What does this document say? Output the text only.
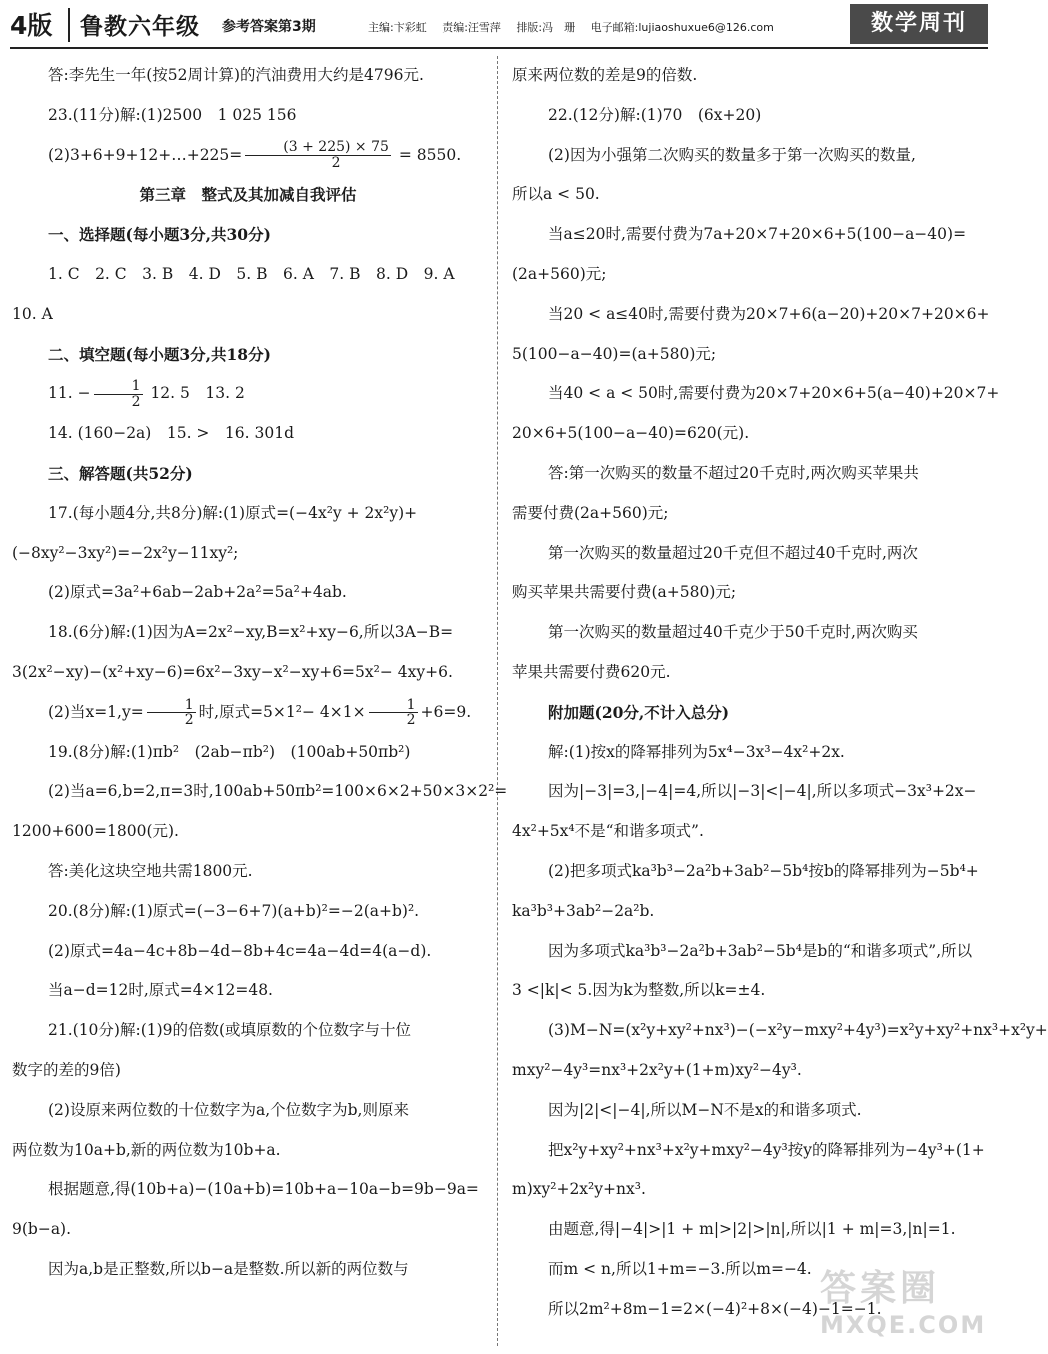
4版 鲁教六年级 参考答案第3期	主编:卞彩虹 责编:汪雪萍 排版:冯　珊 电子邮箱:lujiaoshuxue6@126.com	数学周刊
答:李先生一年(按52周计算)的汽油费用大约是4796元.
23.(11分)解:(1)2500　1 025 156
(2)3+6+9+12+…+225= $\frac{(3 + 225) \times 75}{2} = 8550$.
第三章　整式及其加减自我评估
一、选择题(每小题3分,共30分)
1. C　2. C　3. B　4. D　5. B　6. A　7. B　8. D　9. A
10. A
二、填空题(每小题3分,共18分)
11. − $\frac{1}{2} 12$. 5　13. 2
14. (160−2a)　15. >　16. 301d
三、解答题(共52分)
17.(每小题4分,共8分)解:(1)原式=(−4x²y + 2x²y)+
(−8xy²−3xy²)=−2x²y−11xy²;
(2)原式=3a²+6ab−2ab+2a²=5a²+4ab.
18.(6分)解:(1)因为A=2x²−xy,B=x²+xy−6,所以3A−B=
3(2x²−xy)−(x²+xy−6)=6x²−3xy−x²−xy+6=5x²− 4xy+6.
(2)当$x=1,y= \frac{1}{2}$ 时,原式$=5\times 1^2- 4\times 1\times \frac{1}{2} +6=9$.
19.(8分)解:(1)πb²　(2ab−πb²)　(100ab+50πb²)
(2)当a=6,b=2,π=3时,100ab+50πb²=100×6×2+50×3×2²=
1200+600=1800(元).
答:美化这块空地共需1800元.
20.(8分)解:(1)原式=(−3−6+7)(a+b)²=−2(a+b)².
(2)原式=4a−4c+8b−4d−8b+4c=4a−4d=4(a−d).
当a−d=12时,原式=4×12=48.
21.(10分)解:(1)9的倍数(或填原数的个位数字与十位
数字的差的9倍)
(2)设原来两位数的十位数字为a,个位数字为b,则原来
两位数为10a+b,新的两位数为10b+a.
根据题意,得(10b+a)−(10a+b)=10b+a−10a−b=9b−9a=
9(b−a).
因为a,b是正整数,所以b−a是整数.所以新的两位数与
原来两位数的差是9的倍数.
22.(12分)解:(1)70　(6x+20)
(2)因为小强第二次购买的数量多于第一次购买的数量,
所以a < 50.
当a≤20时,需要付费为7a+20×7+20×6+5(100−a−40)=
(2a+560)元;
当20 < a≤40时,需要付费为20×7+6(a−20)+20×7+20×6+
5(100−a−40)=(a+580)元;
当40 < a < 50时,需要付费为20×7+20×6+5(a−40)+20×7+
20×6+5(100−a−40)=620(元).
答:第一次购买的数量不超过20千克时,两次购买苹果共
需要付费(2a+560)元;
第一次购买的数量超过20千克但不超过40千克时,两次
购买苹果共需要付费(a+580)元;
第一次购买的数量超过40千克少于50千克时,两次购买
苹果共需要付费620元.
附加题(20分,不计入总分)
解:(1)按x的降幂排列为5x⁴−3x³−4x²+2x.
因为|−3|=3,|−4|=4,所以|−3|<|−4|,所以多项式−3x³+2x−
4x²+5x⁴不是“和谐多项式”.
(2)把多项式ka³b³−2a²b+3ab²−5b⁴按b的降幂排列为−5b⁴+
ka³b³+3ab²−2a²b.
因为多项式ka³b³−2a²b+3ab²−5b⁴是b的“和谐多项式”,所以
3 <|k|< 5.因为k为整数,所以k=±4.
(3)M−N=(x²y+xy²+nx³)−(−x²y−mxy²+4y³)=x²y+xy²+nx³+x²y+
mxy²−4y³=nx³+2x²y+(1+m)xy²−4y³.
因为|2|<|−4|,所以M−N不是x的和谐多项式.
把x²y+xy²+nx³+x²y+mxy²−4y³按y的降幂排列为−4y³+(1+
m)xy²+2x²y+nx³.
由题意,得|−4|>|1 + m|>|2|>|n|,所以|1 + m|=3,|n|=1.
而m < n,所以1+m=−3.所以m=−4.
所以2m²+8m−1=2×(−4)²+8×(−4)−1=−1.
答案圈
MXQE.COM
